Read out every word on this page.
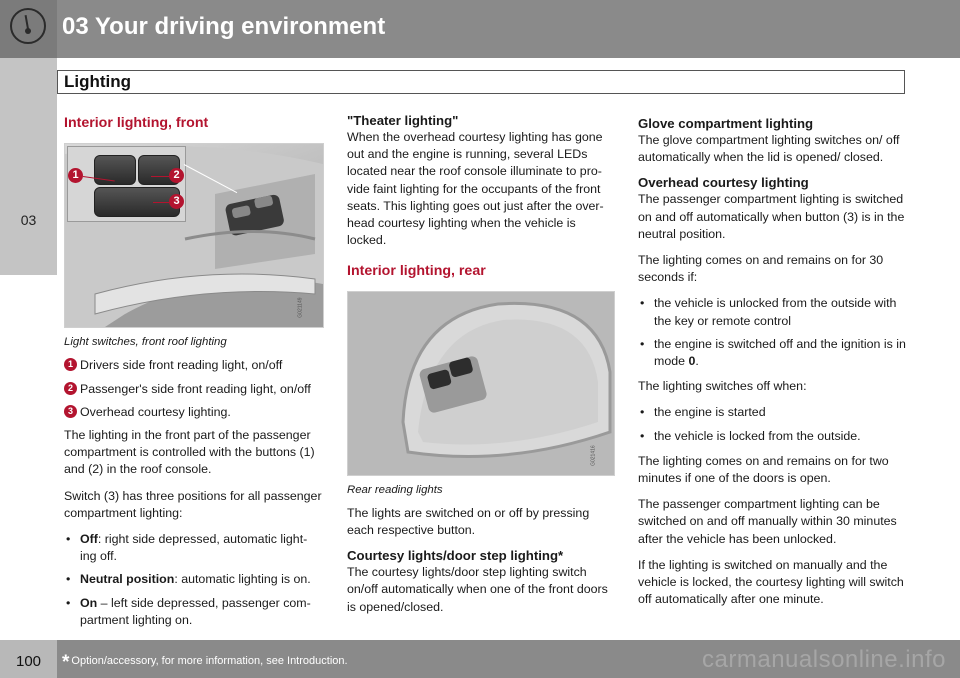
03 Your driving environment
Lighting
03
Interior lighting, front
1	2
3
G021149
Light switches, front roof lighting
1 Drivers side front reading light, on/off
2 Passenger's side front reading light, on/off
3 Overhead courtesy lighting.

The lighting in the front part of the passenger compartment is controlled with the buttons (1) and (2) in the roof console.

Switch (3) has three positions for all passenger compartment lighting:

• Off: right side depressed, automatic light-ing off.
• Neutral position: automatic lighting is on.
• On – left side depressed, passenger com-partment lighting on.
"Theater lighting"

When the overhead courtesy lighting has gone out and the engine is running, several LEDs located near the roof console illuminate to pro-vide faint lighting for the occupants of the front seats. This lighting goes out just after the over-head courtesy lighting when the vehicle is locked.

Interior lighting, rear
G021416
Rear reading lights

The lights are switched on or off by pressing each respective button.

Courtesy lights/door step lighting*

The courtesy lights/door step lighting switch on/off automatically when one of the front doors is opened/closed.

Glove compartment lighting

The glove compartment lighting switches on/ off automatically when the lid is opened/ closed.

Overhead courtesy lighting

The passenger compartment lighting is switched on and off automatically when button (3) is in the neutral position.

The lighting comes on and remains on for 30 seconds if:

• the vehicle is unlocked from the outside with the key or remote control
• the engine is switched off and the ignition is in mode 0.

The lighting switches off when:

• the engine is started
• the vehicle is locked from the outside.

The lighting comes on and remains on for two minutes if one of the doors is open.

The passenger compartment lighting can be switched on and off manually within 30 minutes after the vehicle has been unlocked.

If the lighting is switched on manually and the vehicle is locked, the courtesy lighting will switch off automatically after one minute.

100	* Option/accessory, for more information, see Introduction.	carmanualsonline.info
